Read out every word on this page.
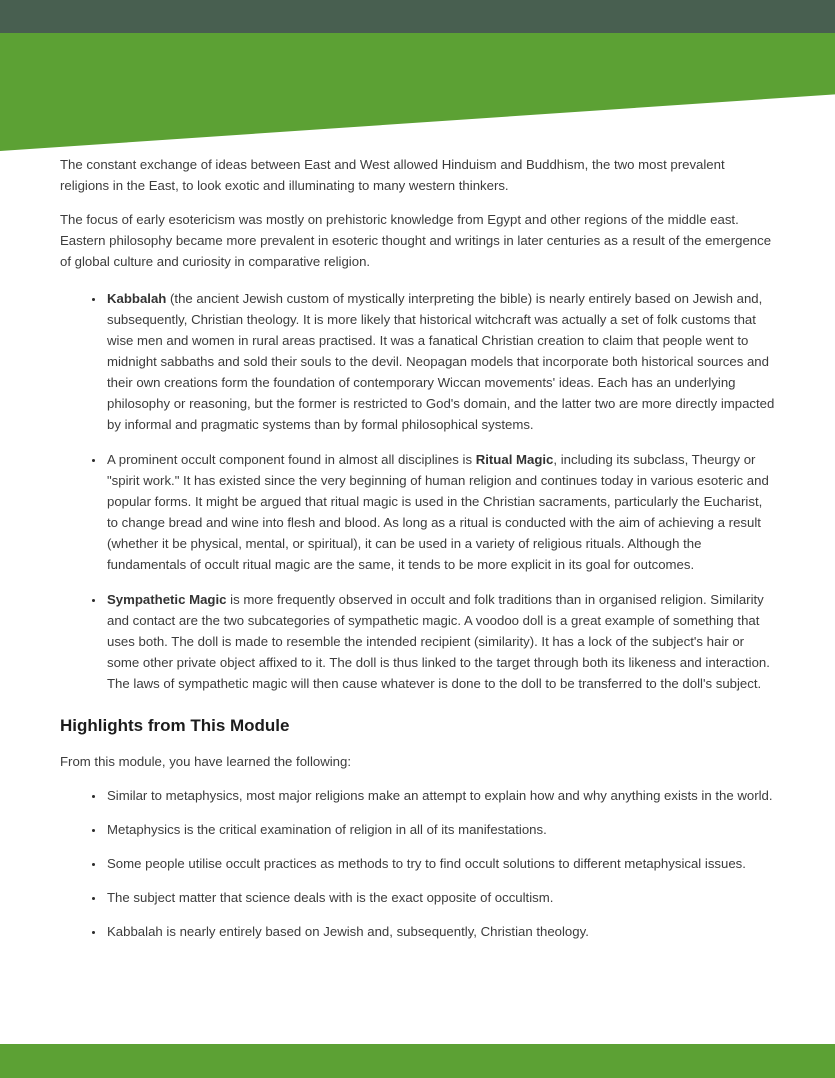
The constant exchange of ideas between East and West allowed Hinduism and Buddhism, the two most prevalent religions in the East, to look exotic and illuminating to many western thinkers.

The focus of early esotericism was mostly on prehistoric knowledge from Egypt and other regions of the middle east. Eastern philosophy became more prevalent in esoteric thought and writings in later centuries as a result of the emergence of global culture and curiosity in comparative religion.

• Kabbalah (the ancient Jewish custom of mystically interpreting the bible) is nearly entirely based on Jewish and, subsequently, Christian theology. It is more likely that historical witchcraft was actually a set of folk customs that wise men and women in rural areas practised. It was a fanatical Christian creation to claim that people went to midnight sabbaths and sold their souls to the devil. Neopagan models that incorporate both historical sources and their own creations form the foundation of contemporary Wiccan movements' ideas. Each has an underlying philosophy or reasoning, but the former is restricted to God's domain, and the latter two are more directly impacted by informal and pragmatic systems than by formal philosophical systems.
• A prominent occult component found in almost all disciplines is Ritual Magic, including its subclass, Theurgy or "spirit work." It has existed since the very beginning of human religion and continues today in various esoteric and popular forms. It might be argued that ritual magic is used in the Christian sacraments, particularly the Eucharist, to change bread and wine into flesh and blood. As long as a ritual is conducted with the aim of achieving a result (whether it be physical, mental, or spiritual), it can be used in a variety of religious rituals. Although the fundamentals of occult ritual magic are the same, it tends to be more explicit in its goal for outcomes.
• Sympathetic Magic is more frequently observed in occult and folk traditions than in organised religion. Similarity and contact are the two subcategories of sympathetic magic. A voodoo doll is a great example of something that uses both. The doll is made to resemble the intended recipient (similarity). It has a lock of the subject's hair or some other private object affixed to it. The doll is thus linked to the target through both its likeness and interaction. The laws of sympathetic magic will then cause whatever is done to the doll to be transferred to the doll's subject.
Highlights from This Module

From this module, you have learned the following:

• Similar to metaphysics, most major religions make an attempt to explain how and why anything exists in the world.
• Metaphysics is the critical examination of religion in all of its manifestations.
• Some people utilise occult practices as methods to try to find occult solutions to different metaphysical issues.
• The subject matter that science deals with is the exact opposite of occultism.
• Kabbalah is nearly entirely based on Jewish and, subsequently, Christian theology.
